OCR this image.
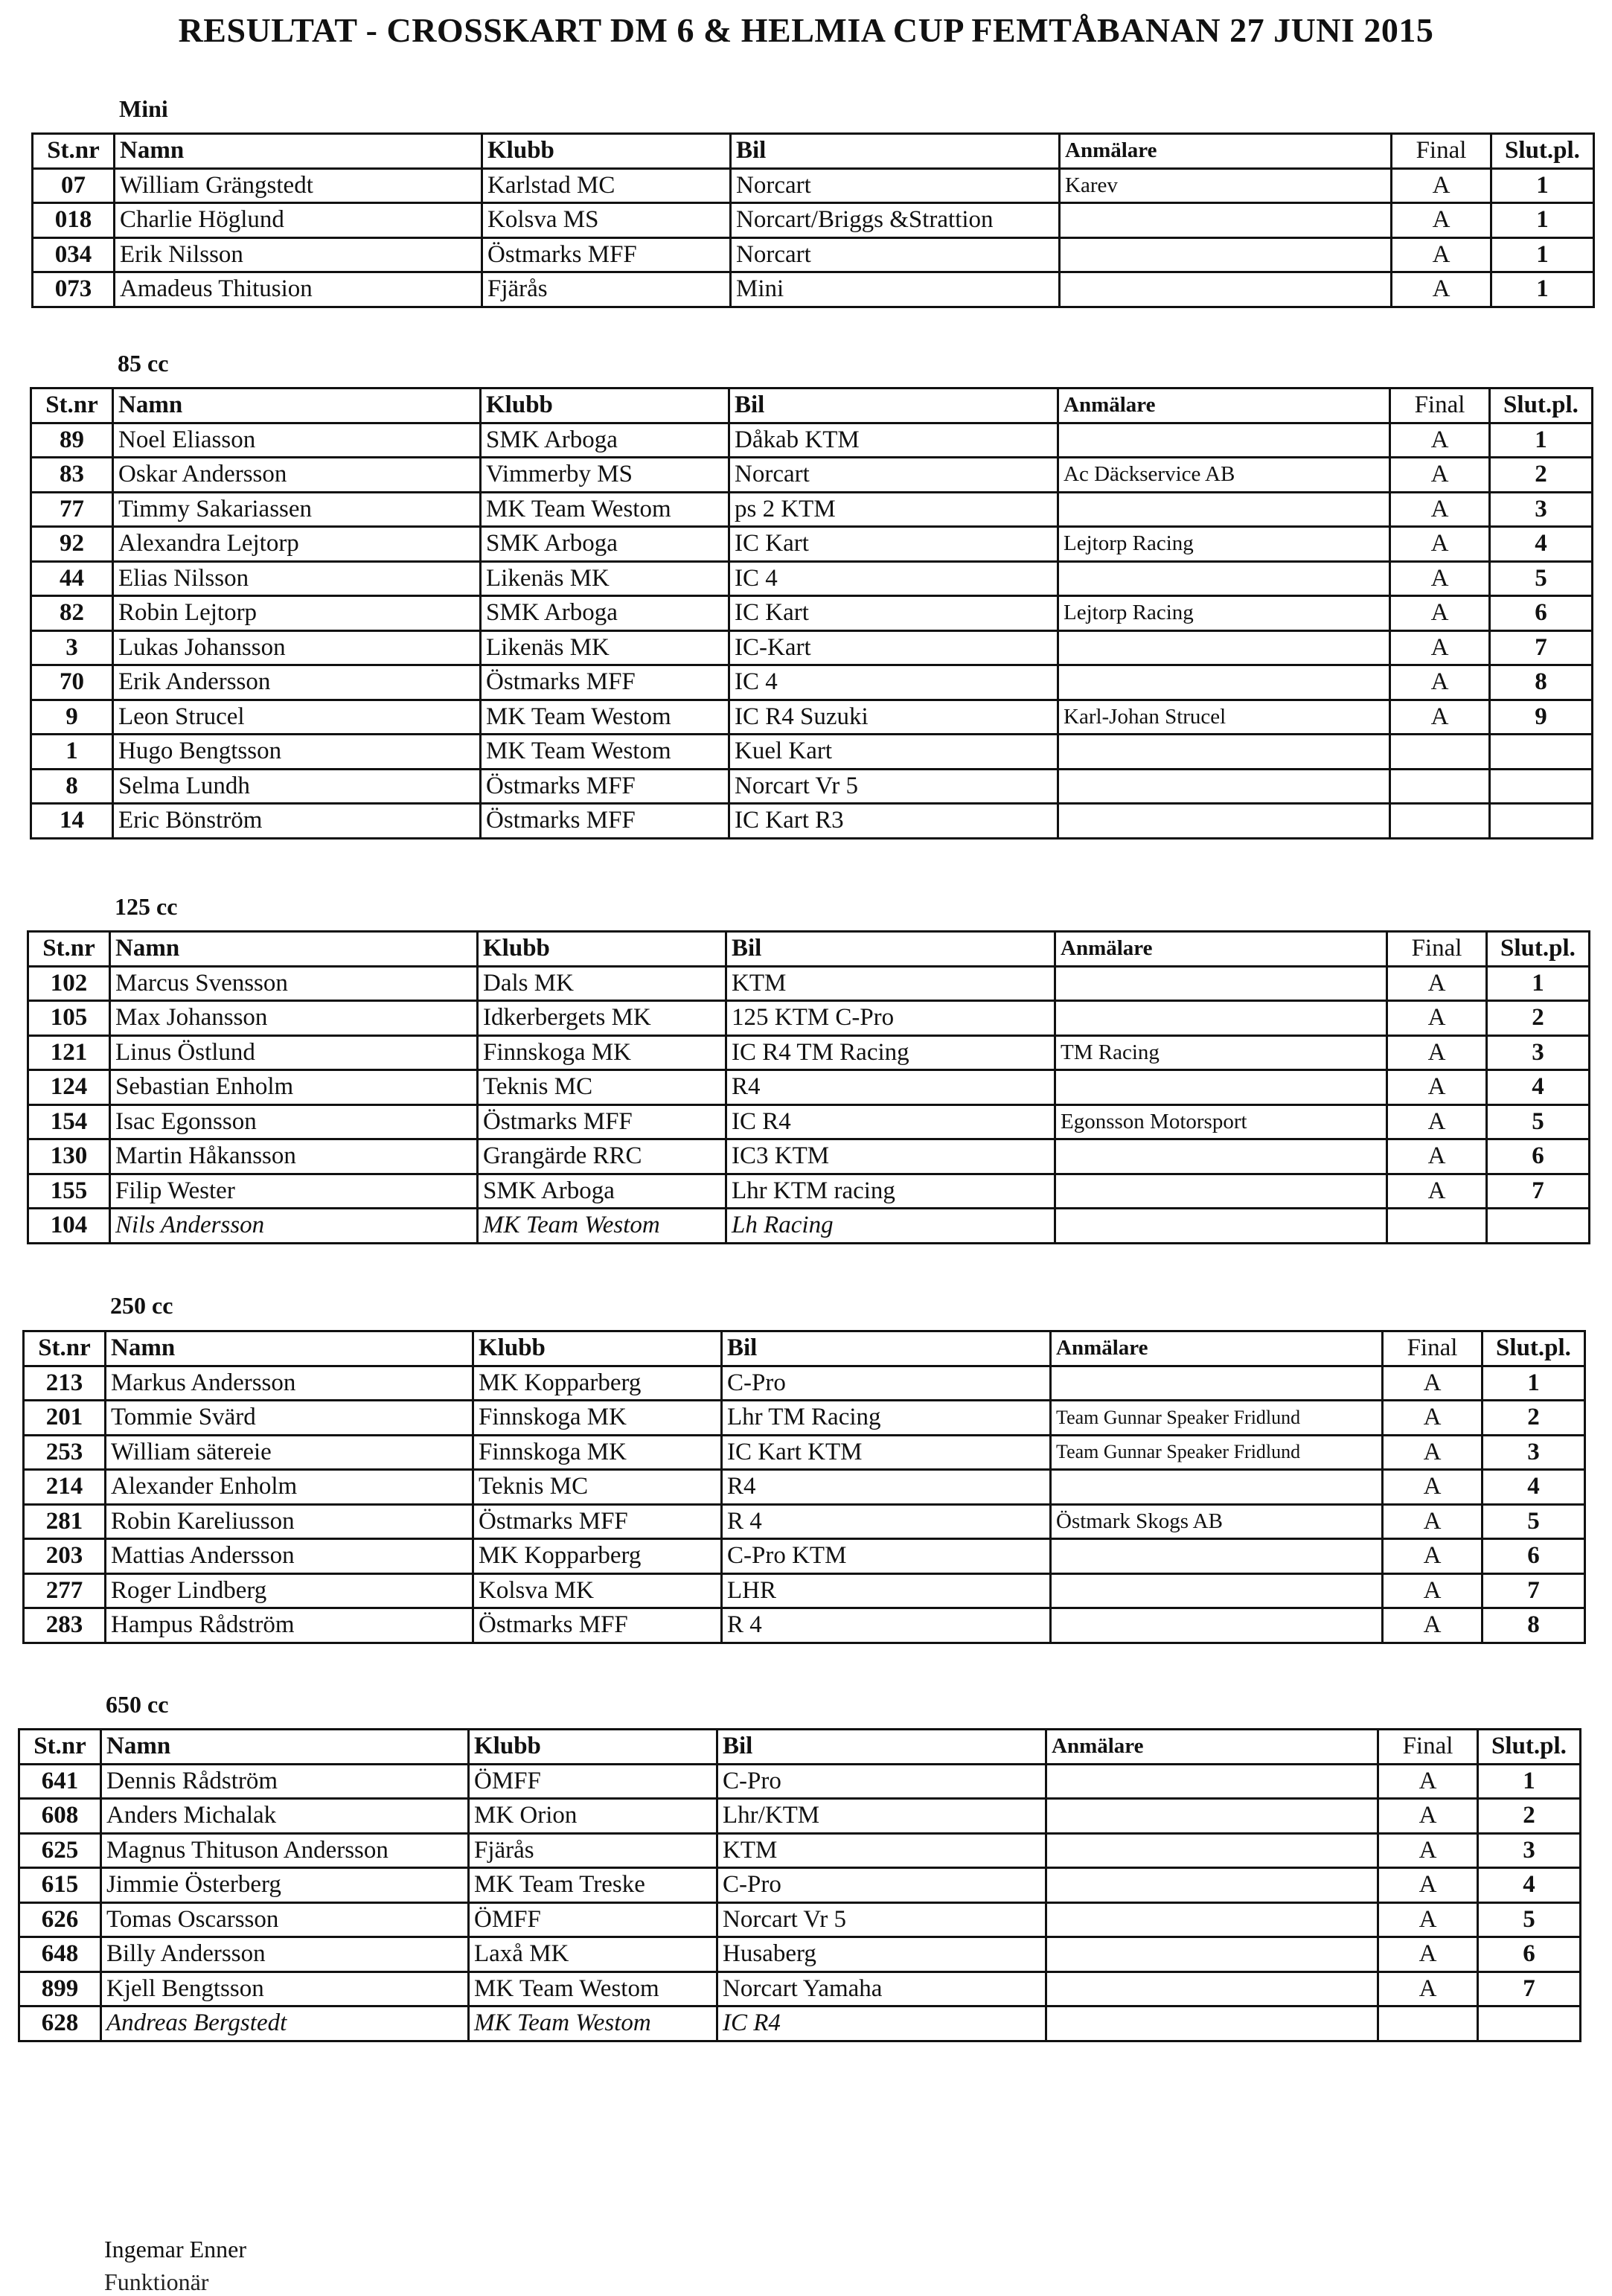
RESULTAT - CROSSKART DM 6 & HELMIA CUP FEMTÅBANAN 27 JUNI 2015
Mini
St.nr	Namn	Klubb	Bil	Anmälare	Final	Slut.pl.
07	William Grängstedt	Karlstad MC	Norcart	Karev	A	1
018	Charlie Höglund	Kolsva MS	Norcart/Briggs &Strattion		A	1
034	Erik Nilsson	Östmarks MFF	Norcart		A	1
073	Amadeus Thitusion	Fjärås	Mini		A	1
85 cc
St.nr	Namn	Klubb	Bil	Anmälare	Final	Slut.pl.
89	Noel Eliasson	SMK Arboga	Dåkab KTM		A	1
83	Oskar Andersson	Vimmerby MS	Norcart	Ac Däckservice AB	A	2
77	Timmy Sakariassen	MK Team Westom	ps 2 KTM		A	3
92	Alexandra Lejtorp	SMK Arboga	IC Kart	Lejtorp Racing	A	4
44	Elias Nilsson	Likenäs MK	IC 4		A	5
82	Robin Lejtorp	SMK Arboga	IC Kart	Lejtorp Racing	A	6
3	Lukas Johansson	Likenäs MK	IC-Kart		A	7
70	Erik Andersson	Östmarks MFF	IC 4		A	8
9	Leon Strucel	MK Team Westom	IC R4 Suzuki	Karl-Johan Strucel	A	9
1	Hugo Bengtsson	MK Team Westom	Kuel Kart			
8	Selma Lundh	Östmarks MFF	Norcart Vr 5			
14	Eric Bönström	Östmarks MFF	IC Kart R3			
125 cc
St.nr	Namn	Klubb	Bil	Anmälare	Final	Slut.pl.
102	Marcus Svensson	Dals MK	KTM		A	1
105	Max Johansson	Idkerbergets MK	125 KTM C-Pro		A	2
121	Linus Östlund	Finnskoga MK	IC R4 TM Racing	TM Racing	A	3
124	Sebastian Enholm	Teknis MC	R4		A	4
154	Isac Egonsson	Östmarks MFF	IC R4	Egonsson Motorsport	A	5
130	Martin Håkansson	Grangärde RRC	IC3 KTM		A	6
155	Filip Wester	SMK Arboga	Lhr KTM racing		A	7
104	Nils Andersson	MK Team Westom	Lh Racing			
250 cc
St.nr	Namn	Klubb	Bil	Anmälare	Final	Slut.pl.
213	Markus Andersson	MK Kopparberg	C-Pro		A	1
201	Tommie Svärd	Finnskoga MK	Lhr TM Racing	Team Gunnar Speaker Fridlund	A	2
253	William sätereie	Finnskoga MK	IC Kart KTM	Team Gunnar Speaker Fridlund	A	3
214	Alexander Enholm	Teknis MC	R4		A	4
281	Robin Kareliusson	Östmarks MFF	R 4	Östmark Skogs AB	A	5
203	Mattias Andersson	MK Kopparberg	C-Pro KTM		A	6
277	Roger Lindberg	Kolsva MK	LHR		A	7
283	Hampus Rådström	Östmarks MFF	R 4		A	8
650 cc
St.nr	Namn	Klubb	Bil	Anmälare	Final	Slut.pl.
641	Dennis Rådström	ÖMFF	C-Pro		A	1
608	Anders Michalak	MK Orion	Lhr/KTM		A	2
625	Magnus Thituson Andersson	Fjärås	KTM		A	3
615	Jimmie Österberg	MK Team Treske	C-Pro		A	4
626	Tomas Oscarsson	ÖMFF	Norcart Vr 5		A	5
648	Billy Andersson	Laxå MK	Husaberg		A	6
899	Kjell Bengtsson	MK Team Westom	Norcart Yamaha		A	7
628	Andreas Bergstedt	MK Team Westom	IC R4			
Ingemar Enner
Funktionär
